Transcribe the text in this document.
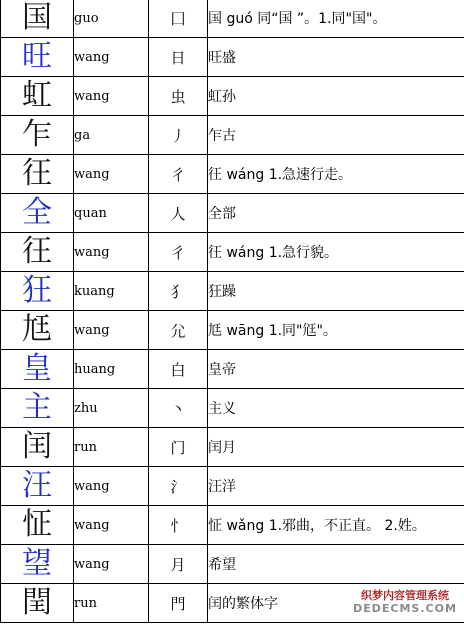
国	guo	囗	国 guó 同“国 ”。1.同"国"。
旺	wang	日	旺盛
虹	wang	虫	虹孙
乍	ga	丿	乍古
彺	wang	彳	彺 wáng 1.急速行走。
全	quan	人	全部
彺	wang	彳	彺 wáng 1.急行貌。
狂	kuang	犭	狂躁
尪	wang	尣	尪 wāng 1.同"尩"。
皇	huang	白	皇帝
主	zhu	丶	主义
闰	run	门	闰月
汪	wang	氵	汪洋
怔	wang	忄	怔 wǎng 1.邪曲，不正直。 2.姓。
望	wang	月	希望
閏	run	門	闰的繁体字
织梦内容管理系统
DEDECMS.COM
